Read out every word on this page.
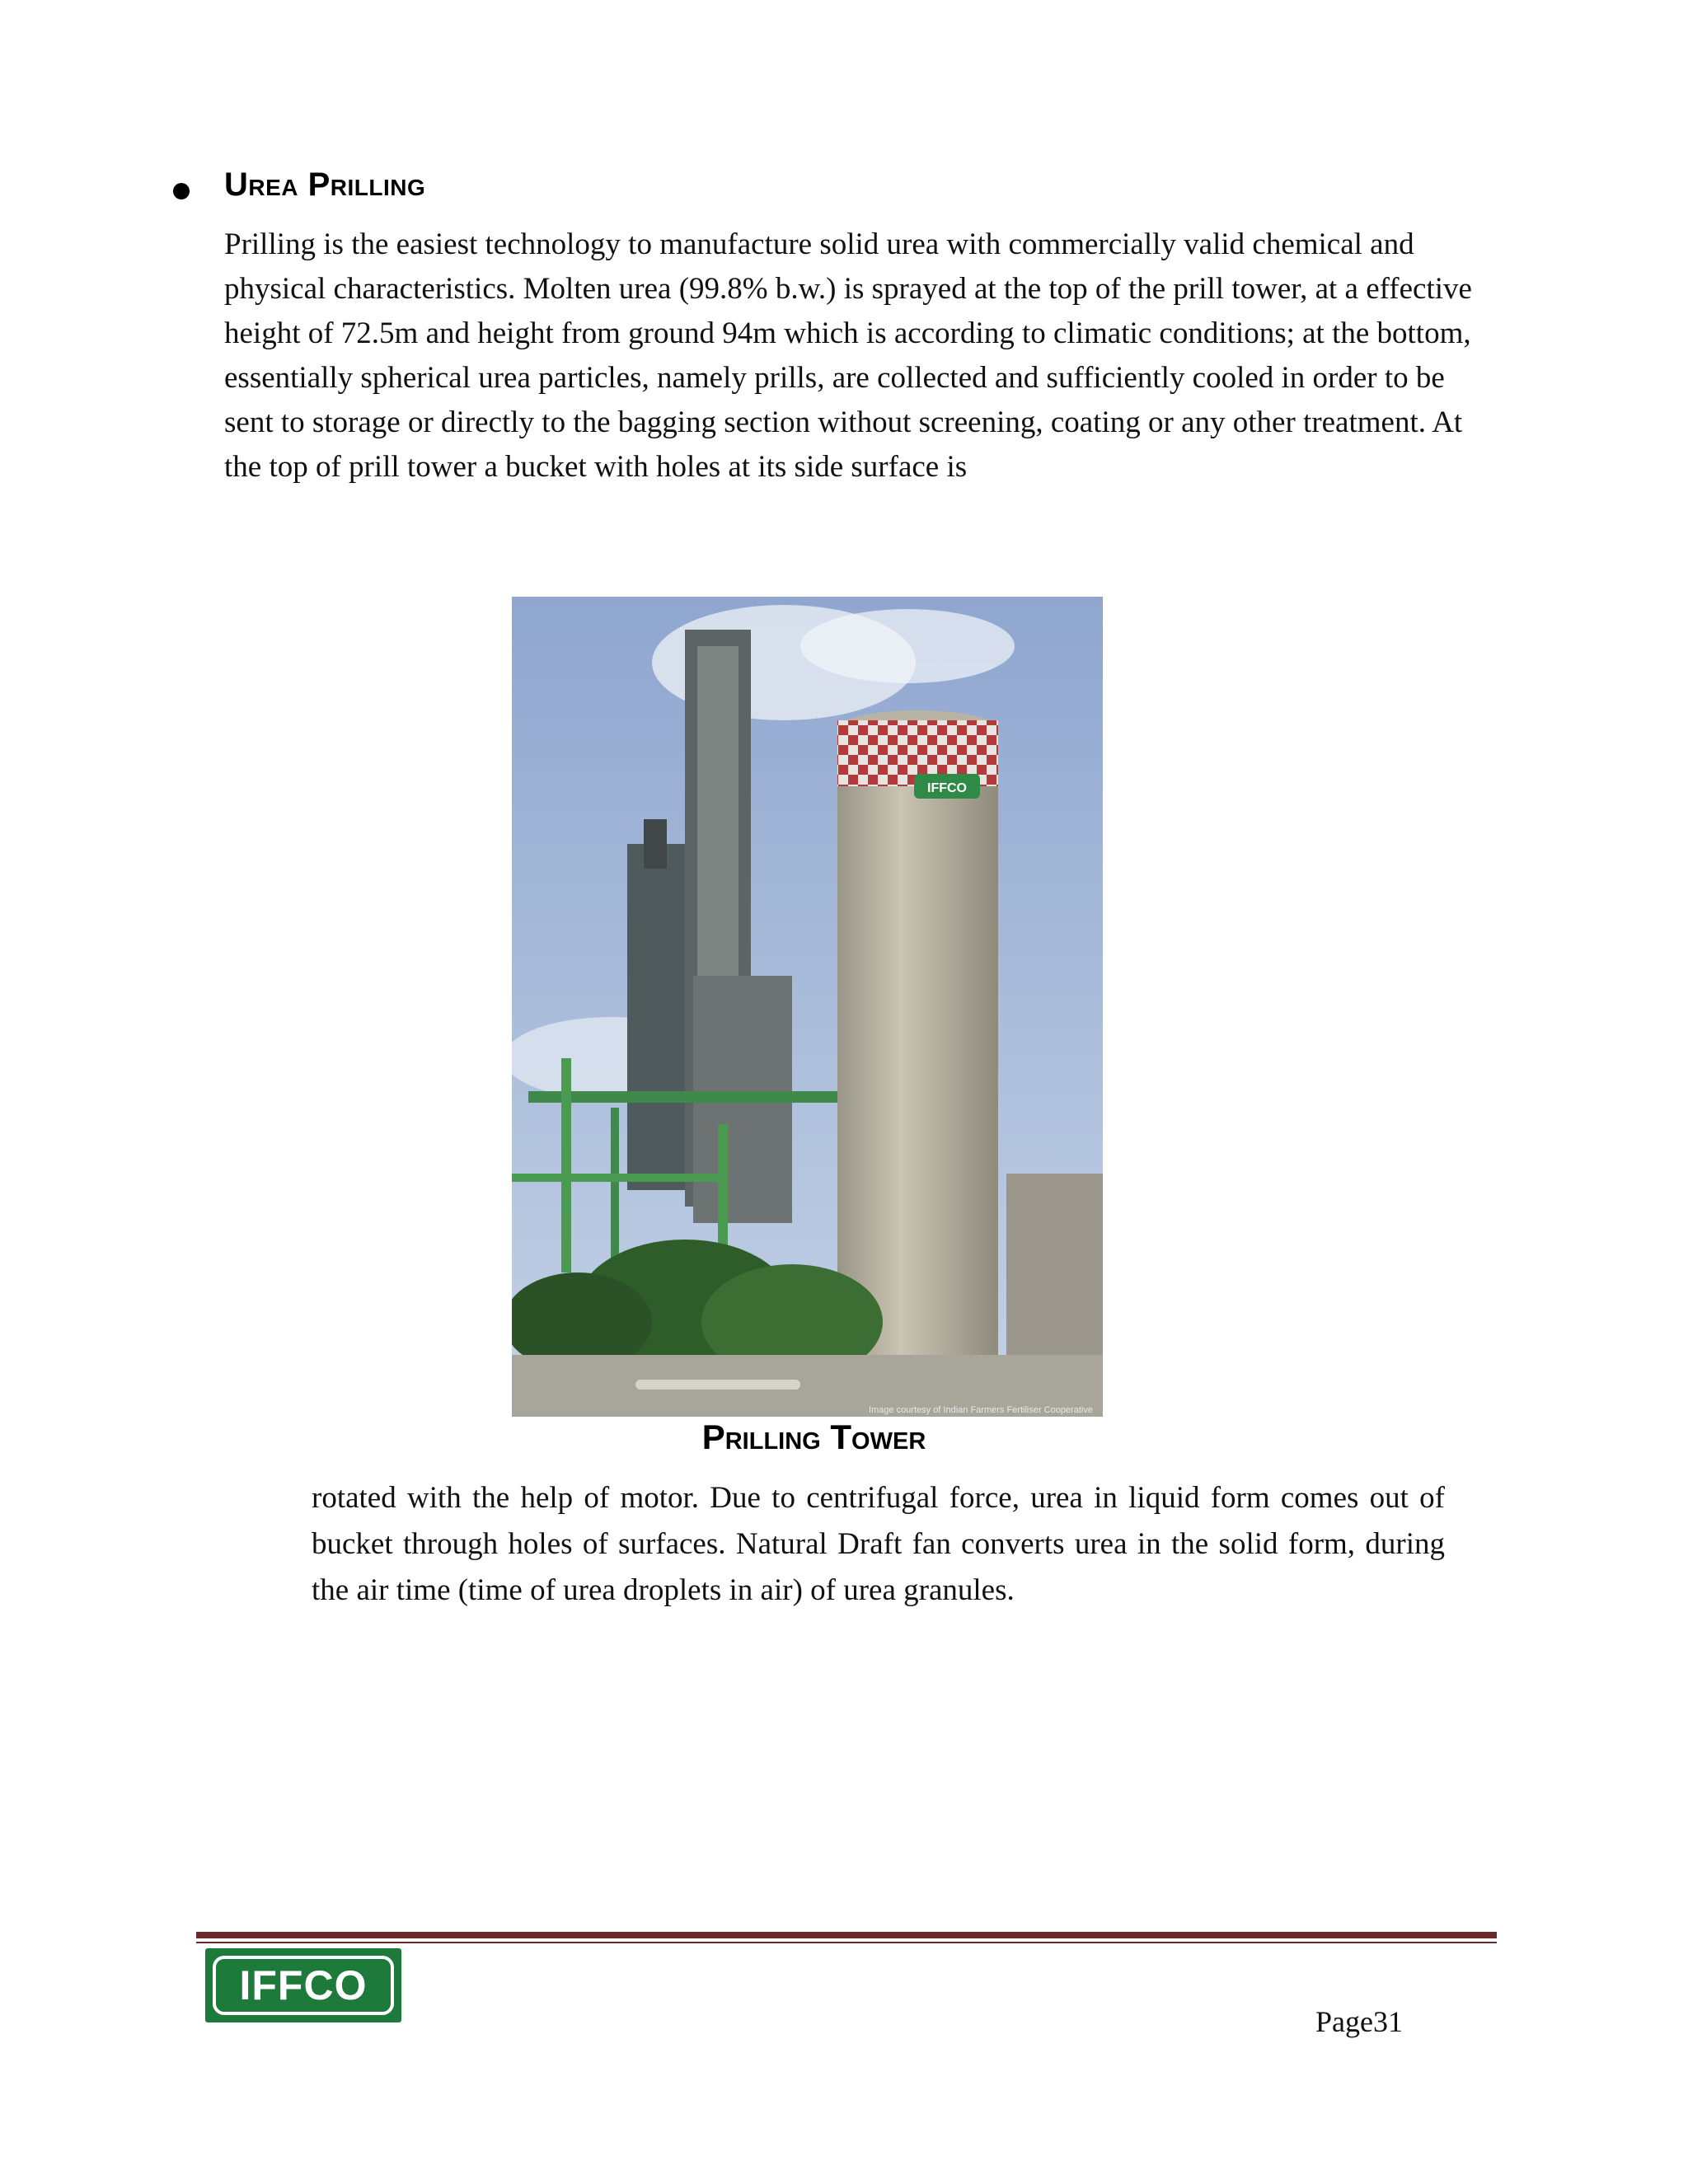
Urea Prilling

Prilling is the easiest technology to manufacture solid urea with commercially valid chemical and physical characteristics. Molten urea (99.8% b.w.) is sprayed at the top of the prill tower, at a effective height of 72.5m and height from ground 94m which is according to climatic conditions; at the bottom, essentially spherical urea particles, namely prills, are collected and sufficiently cooled in order to be sent to storage or directly to the bagging section without screening, coating or any other treatment. At the top of prill tower a bucket with holes at its side surface is

IFFCO
Image courtesy of Indian Farmers Fertiliser Cooperative

Prilling Tower

rotated with the help of motor. Due to centrifugal force, urea in liquid form comes out of bucket through holes of surfaces. Natural Draft fan converts urea in the solid form, during the air time (time of urea droplets in air) of urea granules.

IFFCO

Page31
